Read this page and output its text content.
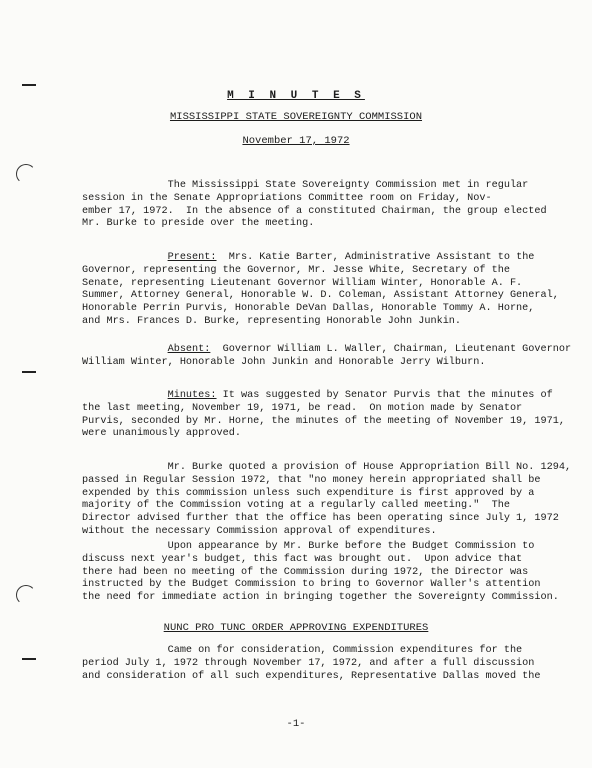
M I N U T E S
MISSISSIPPI STATE SOVEREIGNTY COMMISSION
November 17, 1972

The Mississippi State Sovereignty Commission met in regular
session in the Senate Appropriations Committee room on Friday, Nov-
ember 17, 1972.  In the absence of a constituted Chairman, the group elected
Mr. Burke to preside over the meeting.

Present:  Mrs. Katie Barter, Administrative Assistant to the
Governor, representing the Governor, Mr. Jesse White, Secretary of the
Senate, representing Lieutenant Governor William Winter, Honorable A. F.
Summer, Attorney General, Honorable W. D. Coleman, Assistant Attorney General,
Honorable Perrin Purvis, Honorable DeVan Dallas, Honorable Tommy A. Horne,
and Mrs. Frances D. Burke, representing Honorable John Junkin.

Absent:  Governor William L. Waller, Chairman, Lieutenant Governor
William Winter, Honorable John Junkin and Honorable Jerry Wilburn.

Minutes: It was suggested by Senator Purvis that the minutes of
the last meeting, November 19, 1971, be read.  On motion made by Senator
Purvis, seconded by Mr. Horne, the minutes of the meeting of November 19, 1971,
were unanimously approved.

Mr. Burke quoted a provision of House Appropriation Bill No. 1294,
passed in Regular Session 1972, that "no money herein appropriated shall be
expended by this commission unless such expenditure is first approved by a
majority of the Commission voting at a regularly called meeting."  The
Director advised further that the office has been operating since July 1, 1972
without the necessary Commission approval of expenditures.

Upon appearance by Mr. Burke before the Budget Commission to
discuss next year's budget, this fact was brought out.  Upon advice that
there had been no meeting of the Commission during 1972, the Director was
instructed by the Budget Commission to bring to Governor Waller's attention
the need for immediate action in bringing together the Sovereignty Commission.

NUNC PRO TUNC ORDER APPROVING EXPENDITURES

Came on for consideration, Commission expenditures for the
period July 1, 1972 through November 17, 1972, and after a full discussion
and consideration of all such expenditures, Representative Dallas moved the

-1-
